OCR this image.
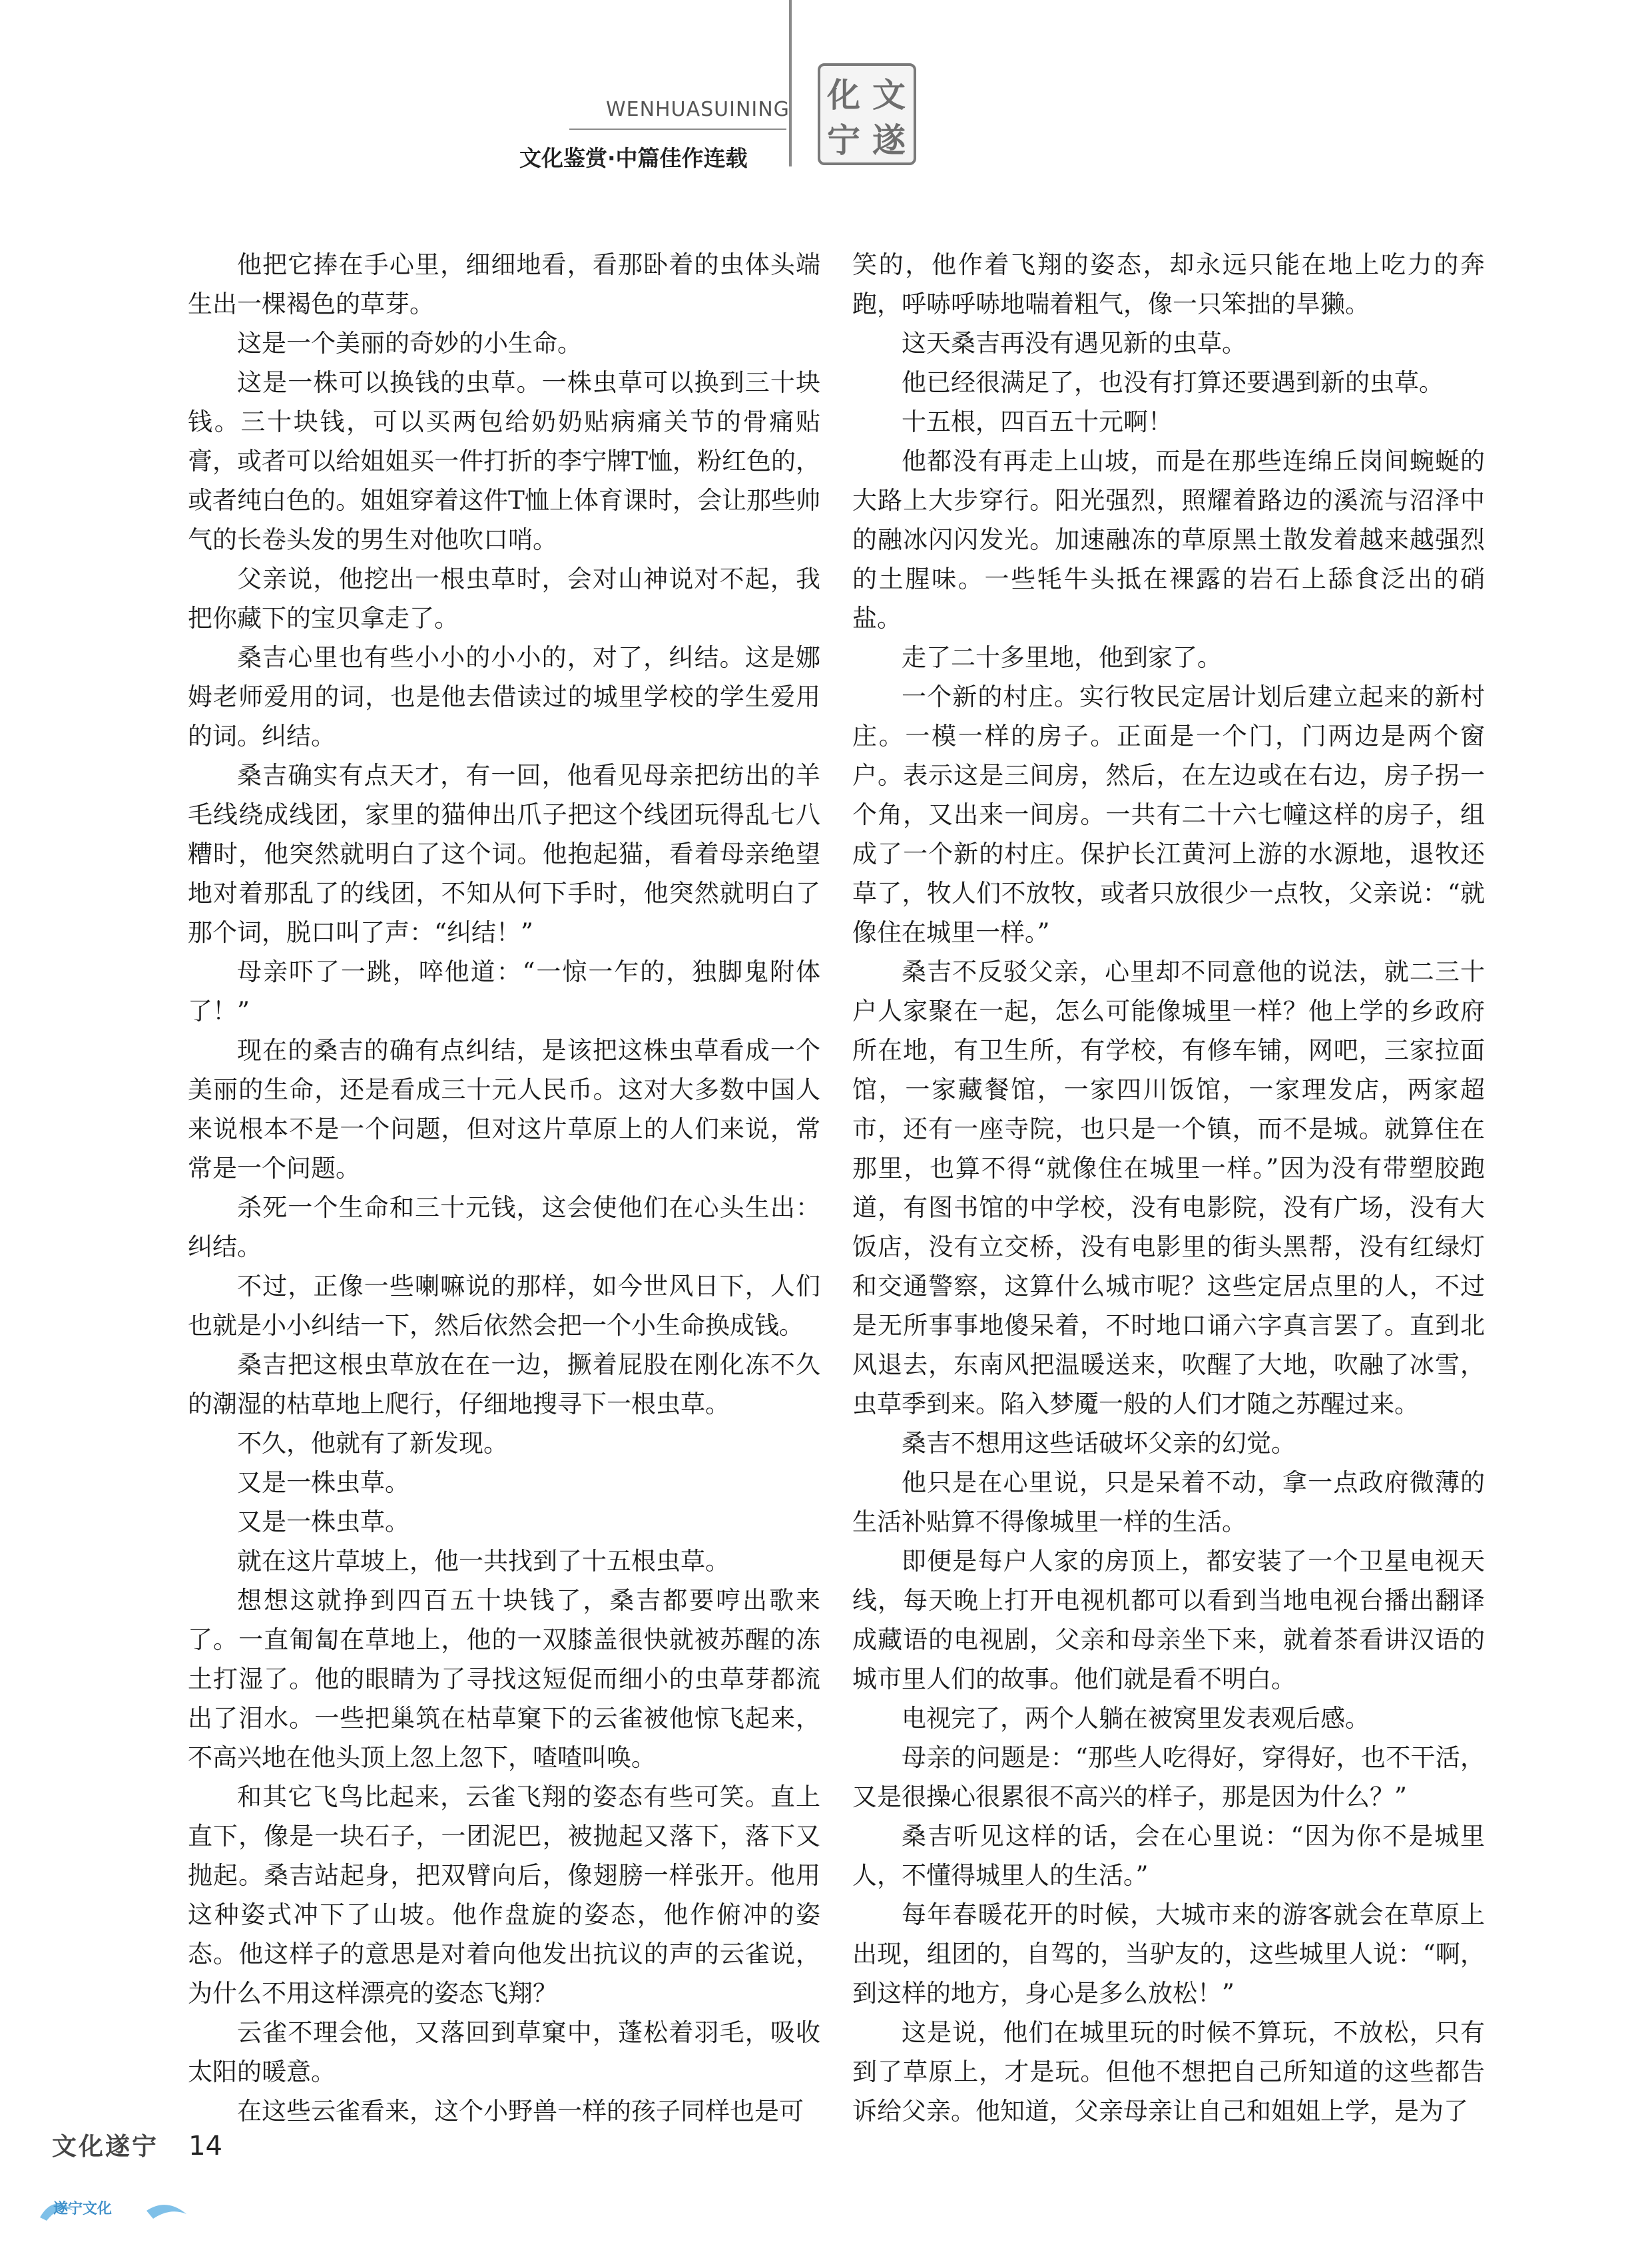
WENHUASUINING
文化鉴赏·中篇佳作连载
化 文
宁 遂

他把它捧在手心里，细细地看，看那卧着的虫体头端生出一棵褐色的草芽。

这是一个美丽的奇妙的小生命。

这是一株可以换钱的虫草。一株虫草可以换到三十块钱。三十块钱，可以买两包给奶奶贴病痛关节的骨痛贴膏，或者可以给姐姐买一件打折的李宁牌T恤，粉红色的，或者纯白色的。姐姐穿着这件T恤上体育课时，会让那些帅气的长卷头发的男生对他吹口哨。

父亲说，他挖出一根虫草时，会对山神说对不起，我把你藏下的宝贝拿走了。

桑吉心里也有些小小的小小的，对了，纠结。这是娜姆老师爱用的词，也是他去借读过的城里学校的学生爱用的词。纠结。

桑吉确实有点天才，有一回，他看见母亲把纺出的羊毛线绕成线团，家里的猫伸出爪子把这个线团玩得乱七八糟时，他突然就明白了这个词。他抱起猫，看着母亲绝望地对着那乱了的线团，不知从何下手时，他突然就明白了那个词，脱口叫了声：“纠结！”

母亲吓了一跳，啐他道：“一惊一乍的，独脚鬼附体了！”

现在的桑吉的确有点纠结，是该把这株虫草看成一个美丽的生命，还是看成三十元人民币。这对大多数中国人来说根本不是一个问题，但对这片草原上的人们来说，常常是一个问题。

杀死一个生命和三十元钱，这会使他们在心头生出：纠结。

不过，正像一些喇嘛说的那样，如今世风日下，人们也就是小小纠结一下，然后依然会把一个小生命换成钱。

桑吉把这根虫草放在在一边，撅着屁股在刚化冻不久的潮湿的枯草地上爬行，仔细地搜寻下一根虫草。

不久，他就有了新发现。

又是一株虫草。

又是一株虫草。

就在这片草坡上，他一共找到了十五根虫草。

想想这就挣到四百五十块钱了，桑吉都要哼出歌来了。一直匍匐在草地上，他的一双膝盖很快就被苏醒的冻土打湿了。他的眼睛为了寻找这短促而细小的虫草芽都流出了泪水。一些把巢筑在枯草窠下的云雀被他惊飞起来，不高兴地在他头顶上忽上忽下，喳喳叫唤。

和其它飞鸟比起来，云雀飞翔的姿态有些可笑。直上直下，像是一块石子，一团泥巴，被抛起又落下，落下又抛起。桑吉站起身，把双臂向后，像翅膀一样张开。他用这种姿式冲下了山坡。他作盘旋的姿态，他作俯冲的姿态。他这样子的意思是对着向他发出抗议的声的云雀说，为什么不用这样漂亮的姿态飞翔？

云雀不理会他，又落回到草窠中，蓬松着羽毛，吸收太阳的暖意。

在这些云雀看来，这个小野兽一样的孩子同样也是可

笑的，他作着飞翔的姿态，却永远只能在地上吃力的奔跑，呼哧呼哧地喘着粗气，像一只笨拙的旱獭。

这天桑吉再没有遇见新的虫草。

他已经很满足了，也没有打算还要遇到新的虫草。

十五根，四百五十元啊！

他都没有再走上山坡，而是在那些连绵丘岗间蜿蜒的大路上大步穿行。阳光强烈，照耀着路边的溪流与沼泽中的融冰闪闪发光。加速融冻的草原黑土散发着越来越强烈的土腥味。一些牦牛头抵在裸露的岩石上舔食泛出的硝盐。

走了二十多里地，他到家了。

一个新的村庄。实行牧民定居计划后建立起来的新村庄。一模一样的房子。正面是一个门，门两边是两个窗户。表示这是三间房，然后，在左边或在右边，房子拐一个角，又出来一间房。一共有二十六七幢这样的房子，组成了一个新的村庄。保护长江黄河上游的水源地，退牧还草了，牧人们不放牧，或者只放很少一点牧，父亲说：“就像住在城里一样。”

桑吉不反驳父亲，心里却不同意他的说法，就二三十户人家聚在一起，怎么可能像城里一样？他上学的乡政府所在地，有卫生所，有学校，有修车铺，网吧，三家拉面馆，一家藏餐馆，一家四川饭馆，一家理发店，两家超市，还有一座寺院，也只是一个镇，而不是城。就算住在那里，也算不得“就像住在城里一样。”因为没有带塑胶跑道，有图书馆的中学校，没有电影院，没有广场，没有大饭店，没有立交桥，没有电影里的街头黑帮，没有红绿灯和交通警察，这算什么城市呢？这些定居点里的人，不过是无所事事地傻呆着，不时地口诵六字真言罢了。直到北风退去，东南风把温暖送来，吹醒了大地，吹融了冰雪，虫草季到来。陷入梦魇一般的人们才随之苏醒过来。

桑吉不想用这些话破坏父亲的幻觉。

他只是在心里说，只是呆着不动，拿一点政府微薄的生活补贴算不得像城里一样的生活。

即便是每户人家的房顶上，都安装了一个卫星电视天线，每天晚上打开电视机都可以看到当地电视台播出翻译成藏语的电视剧，父亲和母亲坐下来，就着茶看讲汉语的城市里人们的故事。他们就是看不明白。

电视完了，两个人躺在被窝里发表观后感。

母亲的问题是：“那些人吃得好，穿得好，也不干活，又是很操心很累很不高兴的样子，那是因为什么？”

桑吉听见这样的话，会在心里说：“因为你不是城里人，不懂得城里人的生活。”

每年春暖花开的时候，大城市来的游客就会在草原上出现，组团的，自驾的，当驴友的，这些城里人说：“啊，到这样的地方，身心是多么放松！”

这是说，他们在城里玩的时候不算玩，不放松，只有到了草原上，才是玩。但他不想把自己所知道的这些都告诉给父亲。他知道，父亲母亲让自己和姐姐上学，是为了

文化遂宁 14
遂宁文化
